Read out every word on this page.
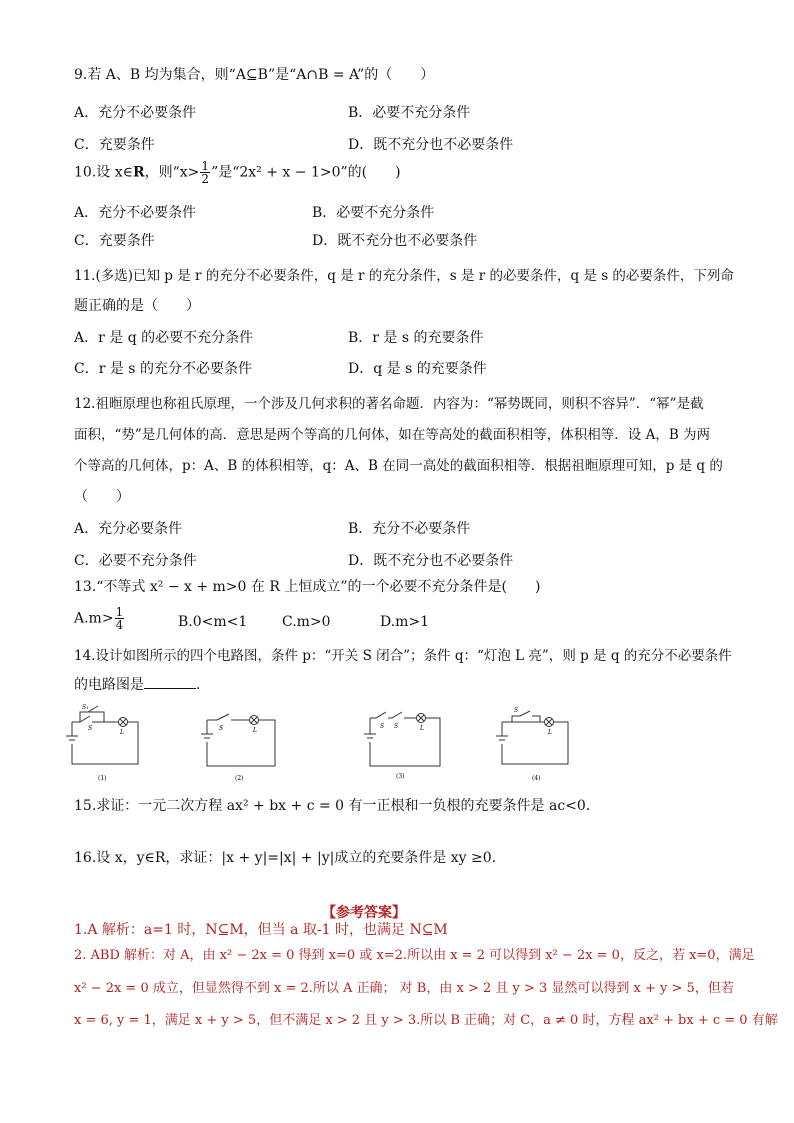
9.若 A、B 均为集合，则“A⊆B”是“A∩B = A”的（　　）
A．充分不必要条件	B．必要不充分条件
C．充要条件	D．既不充分也不必要条件
10.设 x∈R，则“$x> \frac{1}{2}$ ”是“2x² + x − 1>0”的(　　)
A．充分不必要条件	B．必要不充分条件
C．充要条件	D．既不充分也不必要条件
11.(多选)已知 p 是 r 的充分不必要条件，q 是 r 的充分条件，s 是 r 的必要条件，q 是 s 的必要条件，下列命
题正确的是（　　）
A．r 是 q 的必要不充分条件	B．r 是 s 的充要条件
C．r 是 s 的充分不必要条件	D．q 是 s 的充要条件
12.祖暅原理也称祖氏原理，一个涉及几何求积的著名命题．内容为：“幂势既同，则积不容异”．“幂”是截
面积，“势”是几何体的高．意思是两个等高的几何体，如在等高处的截面积相等，体积相等．设 A，B 为两
个等高的几何体，p：A、B 的体积相等，q：A、B 在同一高处的截面积相等．根据祖暅原理可知，p 是 q 的
（　　）
A．充分必要条件	B．充分不必要条件
C．必要不充分条件	D．既不充分也不必要条件
13.“不等式 x² − x + m>0 在 R 上恒成立”的一个必要不充分条件是(　　)
$A.m> \frac{1}{4}$	B.0<m<1 C.m>0	D.m>1
14.设计如图所示的四个电路图，条件 p：“开关 S 闭合”；条件 q：“灯泡 L 亮”，则 p 是 q 的充分不必要条件
的电路图是	.
S₁
S
L
(1)
S	L
(2)
S S	L
(3)
S
L
(4)
15.求证：一元二次方程 ax² + bx + c = 0 有一正根和一负根的充要条件是 ac<0.
16.设 x，y∈R，求证：|x + y|=|x| + |y|成立的充要条件是 xy ≥0.
【参考答案】
1.A 解析：a=1 时，N⊆M，但当 a 取-1 时，也满足 N⊆M
2. ABD 解析：对 A，由 x² − 2x = 0 得到 x=0 或 x=2.所以由 x = 2 可以得到 x² − 2x = 0，反之，若 x=0，满足
x² − 2x = 0 成立，但显然得不到 x = 2.所以 A 正确； 对 B，由 x > 2 且 y > 3 显然可以得到 x + y > 5，但若
x = 6, y = 1，满足 x + y > 5，但不满足 x > 2 且 y > 3.所以 B 正确；对 C，a ≠ 0 时，方程 ax² + bx + c = 0 有解
